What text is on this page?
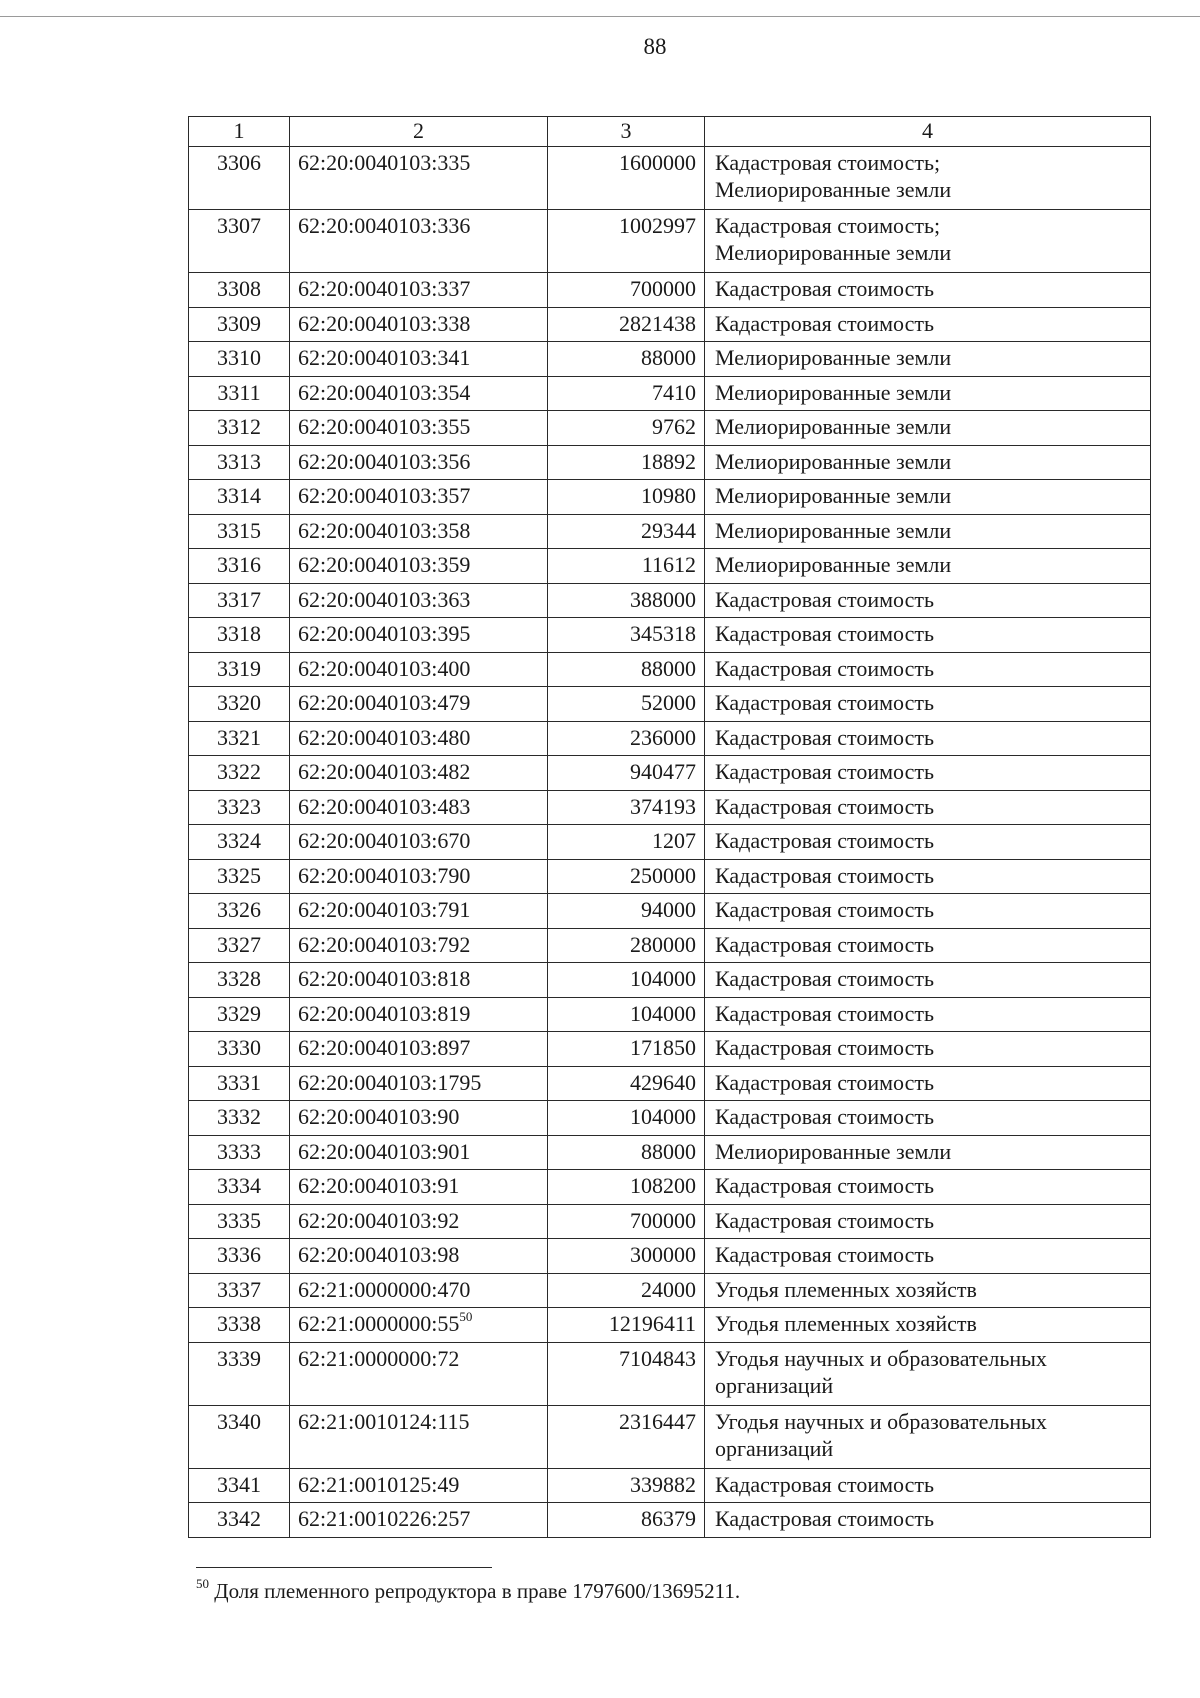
88
1	2	3	4
3306	62:20:0040103:335	1600000	Кадастровая стоимость;
Мелиорированные земли
3307	62:20:0040103:336	1002997	Кадастровая стоимость;
Мелиорированные земли
3308	62:20:0040103:337	700000	Кадастровая стоимость
3309	62:20:0040103:338	2821438	Кадастровая стоимость
3310	62:20:0040103:341	88000	Мелиорированные земли
3311	62:20:0040103:354	7410	Мелиорированные земли
3312	62:20:0040103:355	9762	Мелиорированные земли
3313	62:20:0040103:356	18892	Мелиорированные земли
3314	62:20:0040103:357	10980	Мелиорированные земли
3315	62:20:0040103:358	29344	Мелиорированные земли
3316	62:20:0040103:359	11612	Мелиорированные земли
3317	62:20:0040103:363	388000	Кадастровая стоимость
3318	62:20:0040103:395	345318	Кадастровая стоимость
3319	62:20:0040103:400	88000	Кадастровая стоимость
3320	62:20:0040103:479	52000	Кадастровая стоимость
3321	62:20:0040103:480	236000	Кадастровая стоимость
3322	62:20:0040103:482	940477	Кадастровая стоимость
3323	62:20:0040103:483	374193	Кадастровая стоимость
3324	62:20:0040103:670	1207	Кадастровая стоимость
3325	62:20:0040103:790	250000	Кадастровая стоимость
3326	62:20:0040103:791	94000	Кадастровая стоимость
3327	62:20:0040103:792	280000	Кадастровая стоимость
3328	62:20:0040103:818	104000	Кадастровая стоимость
3329	62:20:0040103:819	104000	Кадастровая стоимость
3330	62:20:0040103:897	171850	Кадастровая стоимость
3331	62:20:0040103:1795	429640	Кадастровая стоимость
3332	62:20:0040103:90	104000	Кадастровая стоимость
3333	62:20:0040103:901	88000	Мелиорированные земли
3334	62:20:0040103:91	108200	Кадастровая стоимость
3335	62:20:0040103:92	700000	Кадастровая стоимость
3336	62:20:0040103:98	300000	Кадастровая стоимость
3337	62:21:0000000:470	24000	Угодья племенных хозяйств
3338	$62:21:0000000:55^{50}$	12196411	Угодья племенных хозяйств
3339	62:21:0000000:72	7104843	Угодья научных и образовательных
организаций
3340	62:21:0010124:115	2316447	Угодья научных и образовательных
организаций
3341	62:21:0010125:49	339882	Кадастровая стоимость
3342	62:21:0010226:257	86379	Кадастровая стоимость
$^{50}$ Доля племенного репродуктора в праве 1797600/13695211.
